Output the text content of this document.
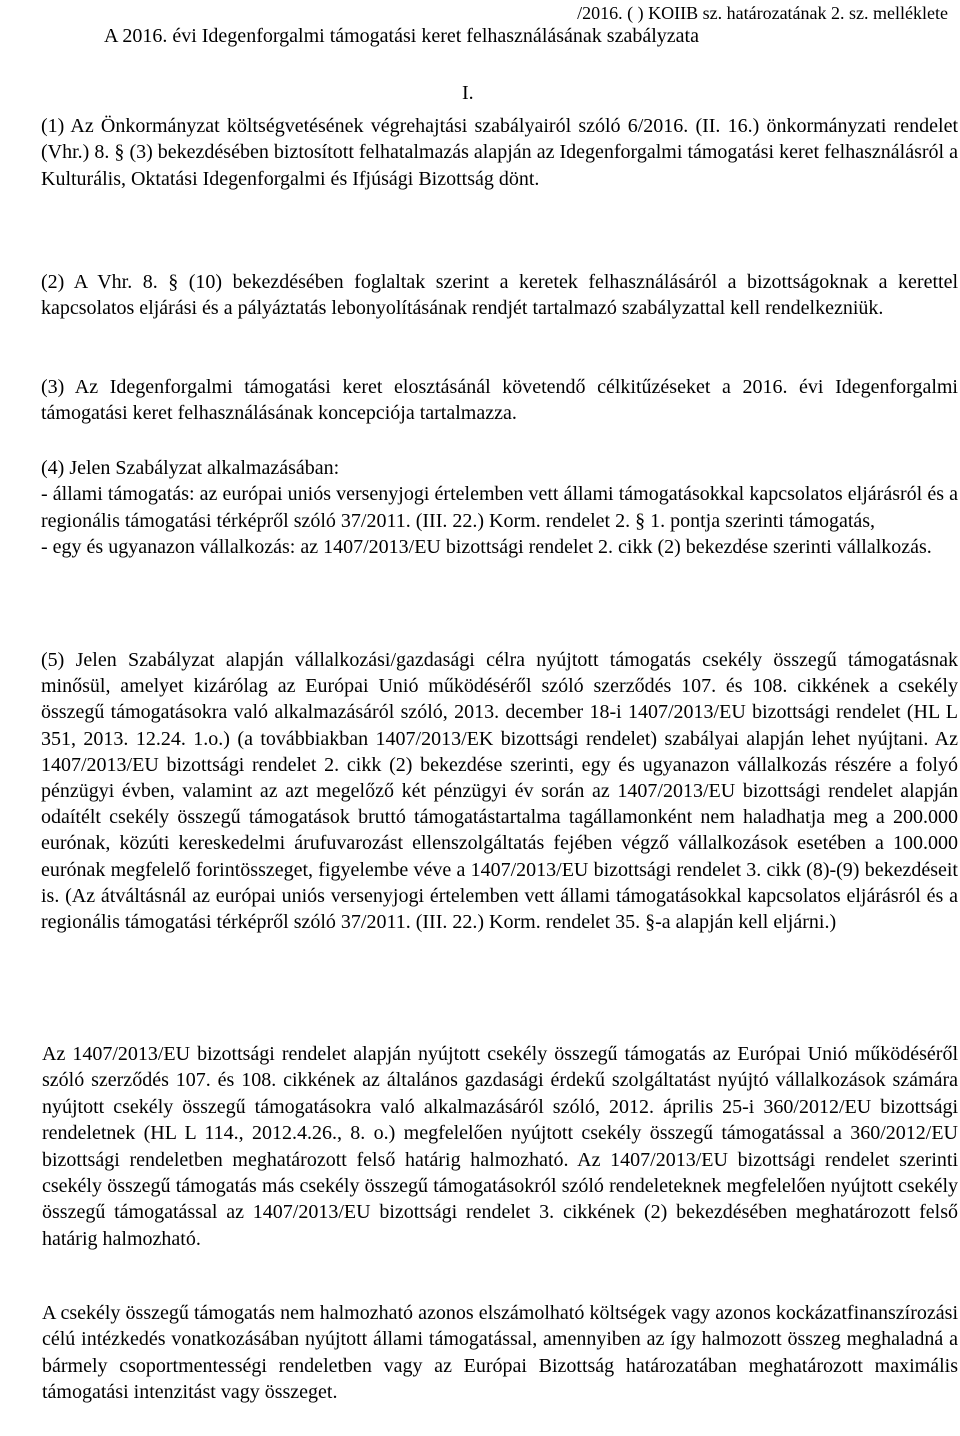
/2016. ( ) KOIIB sz. határozatának 2. sz. melléklete
A 2016. évi Idegenforgalmi támogatási keret felhasználásának szabályzata
I.

(1) Az Önkormányzat költségvetésének végrehajtási szabályairól szóló 6/2016. (II. 16.) önkormányzati rendelet (Vhr.) 8. § (3) bekezdésében biztosított felhatalmazás alapján az Idegenforgalmi támogatási keret felhasználásról a Kulturális, Oktatási Idegenforgalmi és Ifjúsági Bizottság dönt.

(2) A Vhr. 8. § (10) bekezdésében foglaltak szerint a keretek felhasználásáról a bizottságoknak a kerettel kapcsolatos eljárási és a pályáztatás lebonyolításának rendjét tartalmazó szabályzattal kell rendelkezniük.

(3) Az Idegenforgalmi támogatási keret elosztásánál követendő célkitűzéseket a 2016. évi Idegenforgalmi támogatási keret felhasználásának koncepciója tartalmazza.

(4) Jelen Szabályzat alkalmazásában:
- állami támogatás: az európai uniós versenyjogi értelemben vett állami támogatásokkal kapcsolatos eljárásról és a regionális támogatási térképről szóló 37/2011. (III. 22.) Korm. rendelet 2. § 1. pontja szerinti támogatás,
- egy és ugyanazon vállalkozás: az 1407/2013/EU bizottsági rendelet 2. cikk (2) bekezdése szerinti vállalkozás.

(5) Jelen Szabályzat alapján vállalkozási/gazdasági célra nyújtott támogatás csekély összegű támogatásnak minősül, amelyet kizárólag az Európai Unió működéséről szóló szerződés 107. és 108. cikkének a csekély összegű támogatásokra való alkalmazásáról szóló, 2013. december 18-i 1407/2013/EU bizottsági rendelet (HL L 351, 2013. 12.24. 1.o.) (a továbbiakban 1407/2013/EK bizottsági rendelet) szabályai alapján lehet nyújtani. Az 1407/2013/EU bizottsági rendelet 2. cikk (2) bekezdése szerinti, egy és ugyanazon vállalkozás részére a folyó pénzügyi évben, valamint az azt megelőző két pénzügyi év során az 1407/2013/EU bizottsági rendelet alapján odaítélt csekély összegű támogatások bruttó támogatástartalma tagállamonként nem haladhatja meg a 200.000 eurónak, közúti kereskedelmi árufuvarozást ellenszolgáltatás fejében végző vállalkozások esetében a 100.000 eurónak megfelelő forintösszeget, figyelembe véve a 1407/2013/EU bizottsági rendelet 3. cikk (8)-(9) bekezdéseit is. (Az átváltásnál az európai uniós versenyjogi értelemben vett állami támogatásokkal kapcsolatos eljárásról és a regionális támogatási térképről szóló 37/2011. (III. 22.) Korm. rendelet 35. §-a alapján kell eljárni.)

Az 1407/2013/EU bizottsági rendelet alapján nyújtott csekély összegű támogatás az Európai Unió működéséről szóló szerződés 107. és 108. cikkének az általános gazdasági érdekű szolgáltatást nyújtó vállalkozások számára nyújtott csekély összegű támogatásokra való alkalmazásáról szóló, 2012. április 25-i 360/2012/EU bizottsági rendeletnek (HL L 114., 2012.4.26., 8. o.) megfelelően nyújtott csekély összegű támogatással a 360/2012/EU bizottsági rendeletben meghatározott felső határig halmozható. Az 1407/2013/EU bizottsági rendelet szerinti csekély összegű támogatás más csekély összegű támogatásokról szóló rendeleteknek megfelelően nyújtott csekély összegű támogatással az 1407/2013/EU bizottsági rendelet 3. cikkének (2) bekezdésében meghatározott felső határig halmozható.

A csekély összegű támogatás nem halmozható azonos elszámolható költségek vagy azonos kockázatfinanszírozási célú intézkedés vonatkozásában nyújtott állami támogatással, amennyiben az így halmozott összeg meghaladná a bármely csoportmentességi rendeletben vagy az Európai Bizottság határozatában meghatározott maximális támogatási intenzitást vagy összeget.
